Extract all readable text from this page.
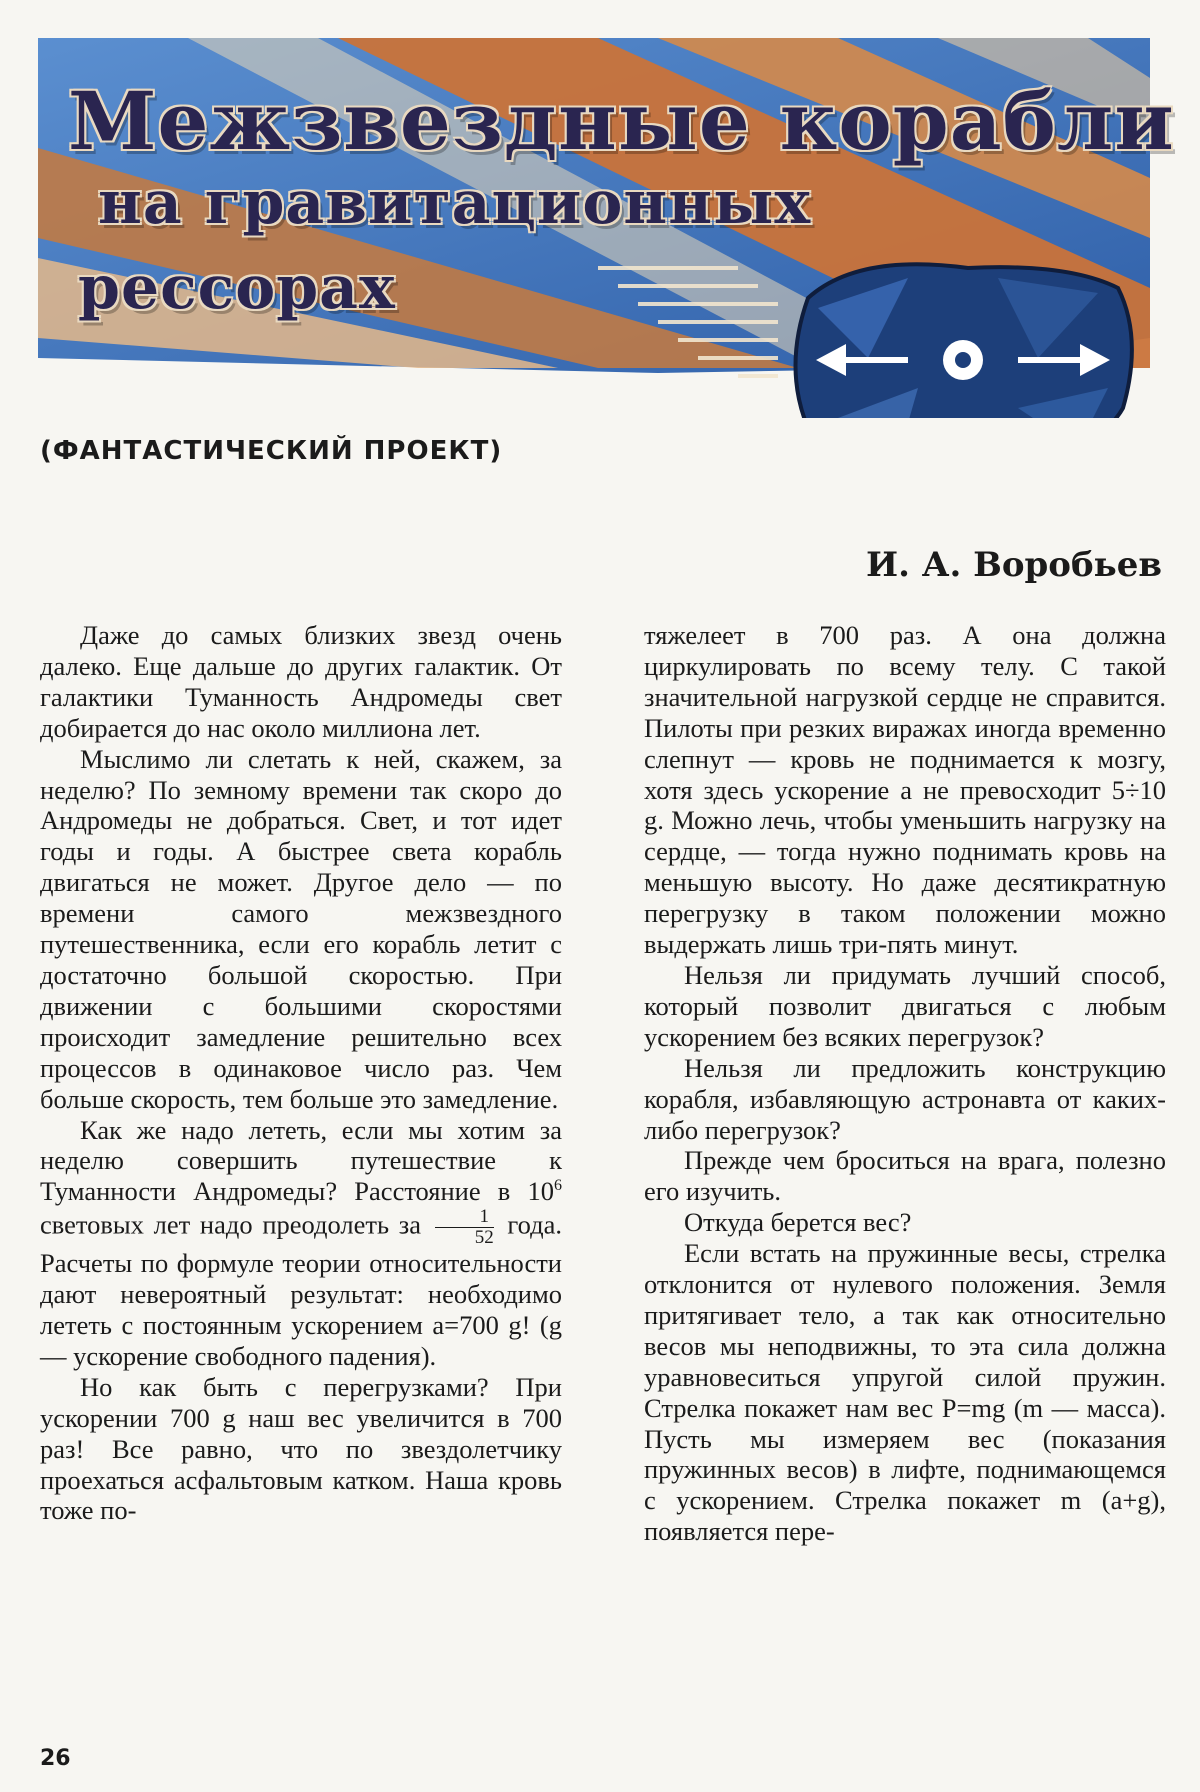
Межзвездные корабли
на гравитационных
рессорах

(ФАНТАСТИЧЕСКИЙ ПРОЕКТ)

И. А. Воробьев

Даже до самых близких звезд очень далеко. Еще дальше до других галактик. От галактики Туманность Андромеды свет добирается до нас около миллиона лет.

Мыслимо ли слетать к ней, скажем, за неделю? По земному времени так скоро до Андромеды не добраться. Свет, и тот идет годы и годы. А быстрее света корабль двигаться не может. Другое дело — по времени самого межзвездного путешественника, если его корабль летит с достаточно большой скоростью. При движении с большими скоростями происходит замедление решительно всех процессов в одинаковое число раз. Чем больше скорость, тем больше это замедление.

Как же надо лететь, если мы хотим за неделю совершить путешествие к Туманности Андромеды? Расстояние в $10^6$ световых лет надо преодолеть за $\frac{1}{52}$ года. Расчеты по формуле теории относительности дают невероятный результат: необходимо лететь с постоянным ускорением a=700 g! (g — ускорение свободного падения).

Но как быть с перегрузками? При ускорении 700 g наш вес увеличится в 700 раз! Все равно, что по звездолетчику проехаться асфальтовым катком. Наша кровь тоже по-

тяжелеет в 700 раз. А она должна циркулировать по всему телу. С такой значительной нагрузкой сердце не справится. Пилоты при резких виражах иногда временно слепнут — кровь не поднимается к мозгу, хотя здесь ускорение a не превосходит 5÷10 g. Можно лечь, чтобы уменьшить нагрузку на сердце, — тогда нужно поднимать кровь на меньшую высоту. Но даже десятикратную перегрузку в таком положении можно выдержать лишь три-пять минут.

Нельзя ли придумать лучший способ, который позволит двигаться с любым ускорением без всяких перегрузок?

Нельзя ли предложить конструкцию корабля, избавляющую астронавта от каких-либо перегрузок?

Прежде чем броситься на врага, полезно его изучить.

Откуда берется вес?

Если встать на пружинные весы, стрелка отклонится от нулевого положения. Земля притягивает тело, а так как относительно весов мы неподвижны, то эта сила должна уравновеситься упругой силой пружин. Стрелка покажет нам вес P=mg (m — масса). Пусть мы измеряем вес (показания пружинных весов) в лифте, поднимающемся с ускорением. Стрелка покажет m (a+g), появляется пере-

26
